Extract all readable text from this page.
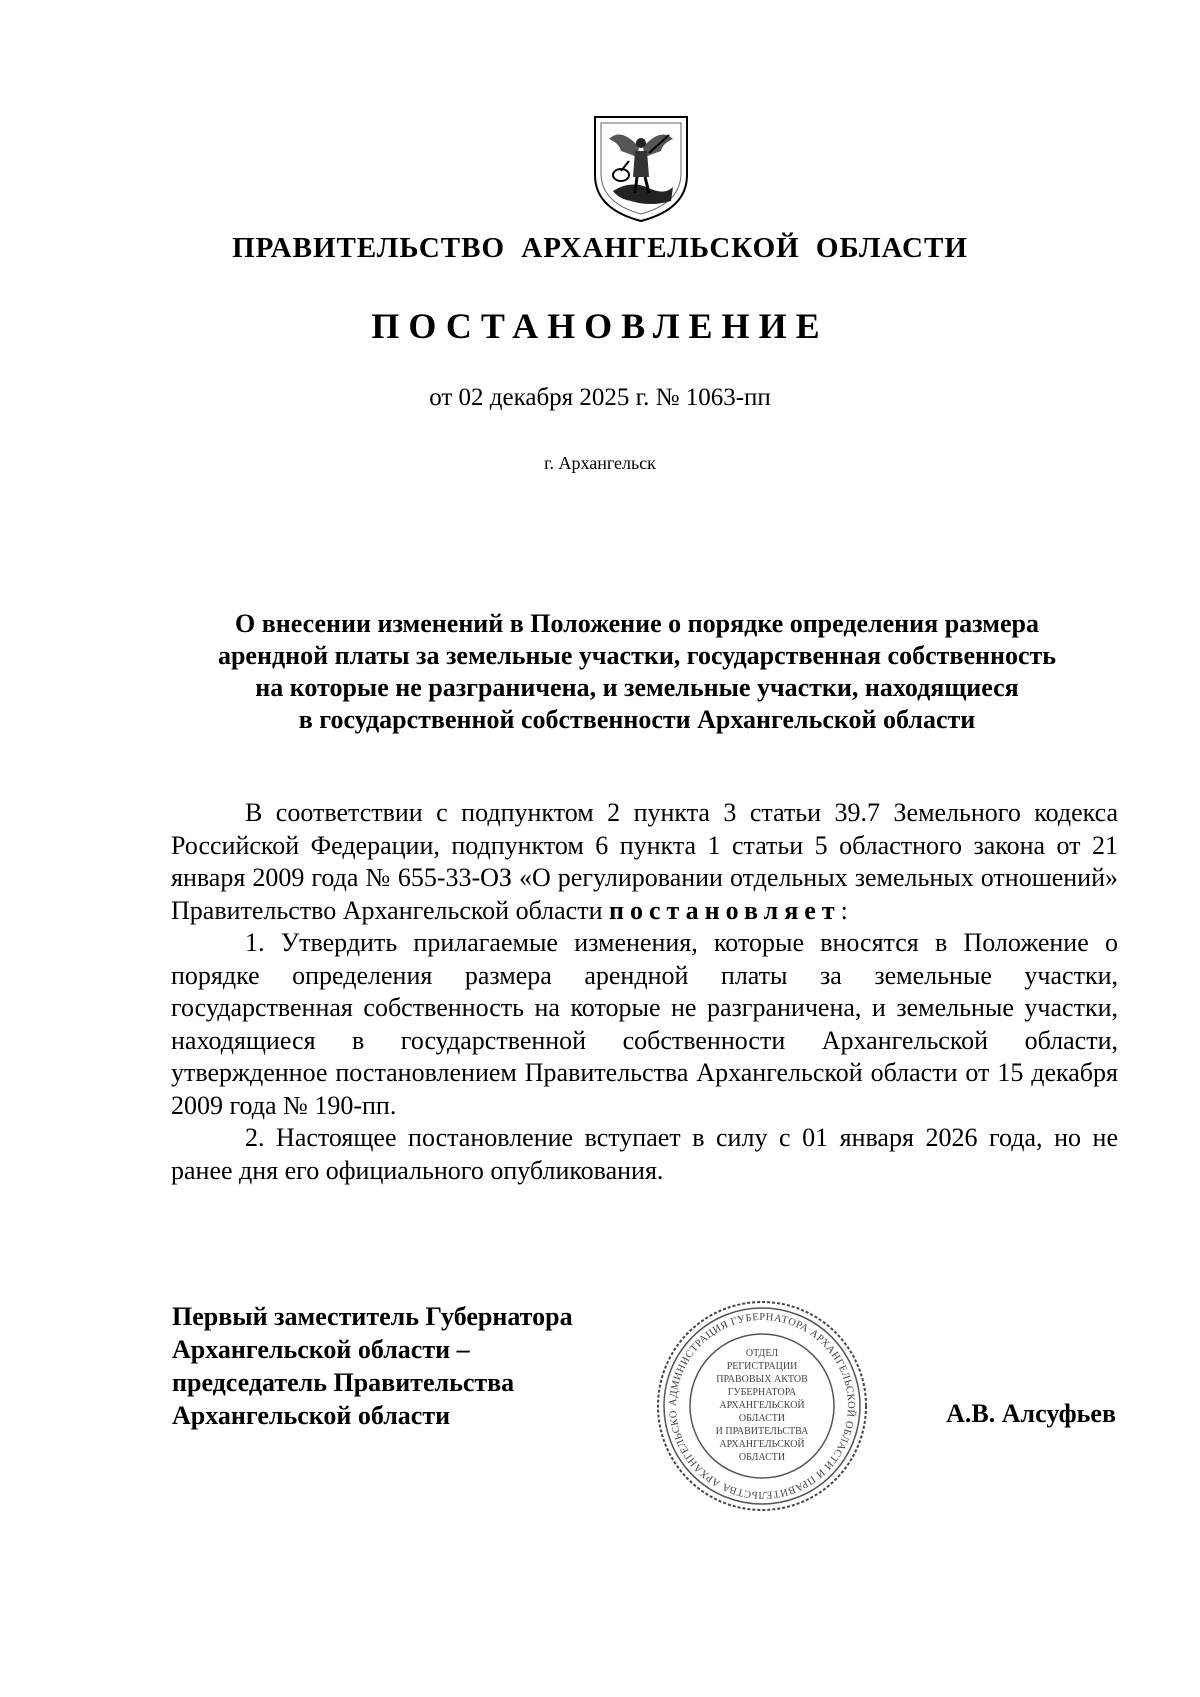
ПРАВИТЕЛЬСТВО АРХАНГЕЛЬСКОЙ ОБЛАСТИ
ПОСТАНОВЛЕНИЕ
от 02 декабря 2025 г. № 1063-пп
г. Архангельск
О внесении изменений в Положение о порядке определения размера
арендной платы за земельные участки, государственная собственность
на которые не разграничена, и земельные участки, находящиеся
в государственной собственности Архангельской области

В соответствии с подпунктом 2 пункта 3 статьи 39.7 Земельного кодекса Российской Федерации, подпунктом 6 пункта 1 статьи 5 областного закона от 21 января 2009 года № 655-33-ОЗ «О регулировании отдельных земельных отношений» Правительство Архангельской области постановляет:

1. Утвердить прилагаемые изменения, которые вносятся в Положение о порядке определения размера арендной платы за земельные участки, государственная собственность на которые не разграничена, и земельные участки, находящиеся в государственной собственности Архангельской области, утвержденное постановлением Правительства Архангельской области от 15 декабря 2009 года № 190-пп.

2. Настоящее постановление вступает в силу с 01 января 2026 года, но не ранее дня его официального опубликования.

Первый заместитель Губернатора
Архангельской области –
председатель Правительства
Архангельской области	АДМИНИСТРАЦИЯ ГУБЕРНАТОРА АРХАНГЕЛЬСКОЙ ОБЛАСТИ И ПРАВИТЕЛЬСТВА АРХАНГЕЛЬСКО
ОТДЕЛ
РЕГИСТРАЦИИ
ПРАВОВЫХ АКТОВ
ГУБЕРНАТОРА
АРХАНГЕЛЬСКОЙ
ОБЛАСТИ
И ПРАВИТЕЛЬСТВА
АРХАНГЕЛЬСКОЙ
ОБЛАСТИ
А.В. Алсуфьев
